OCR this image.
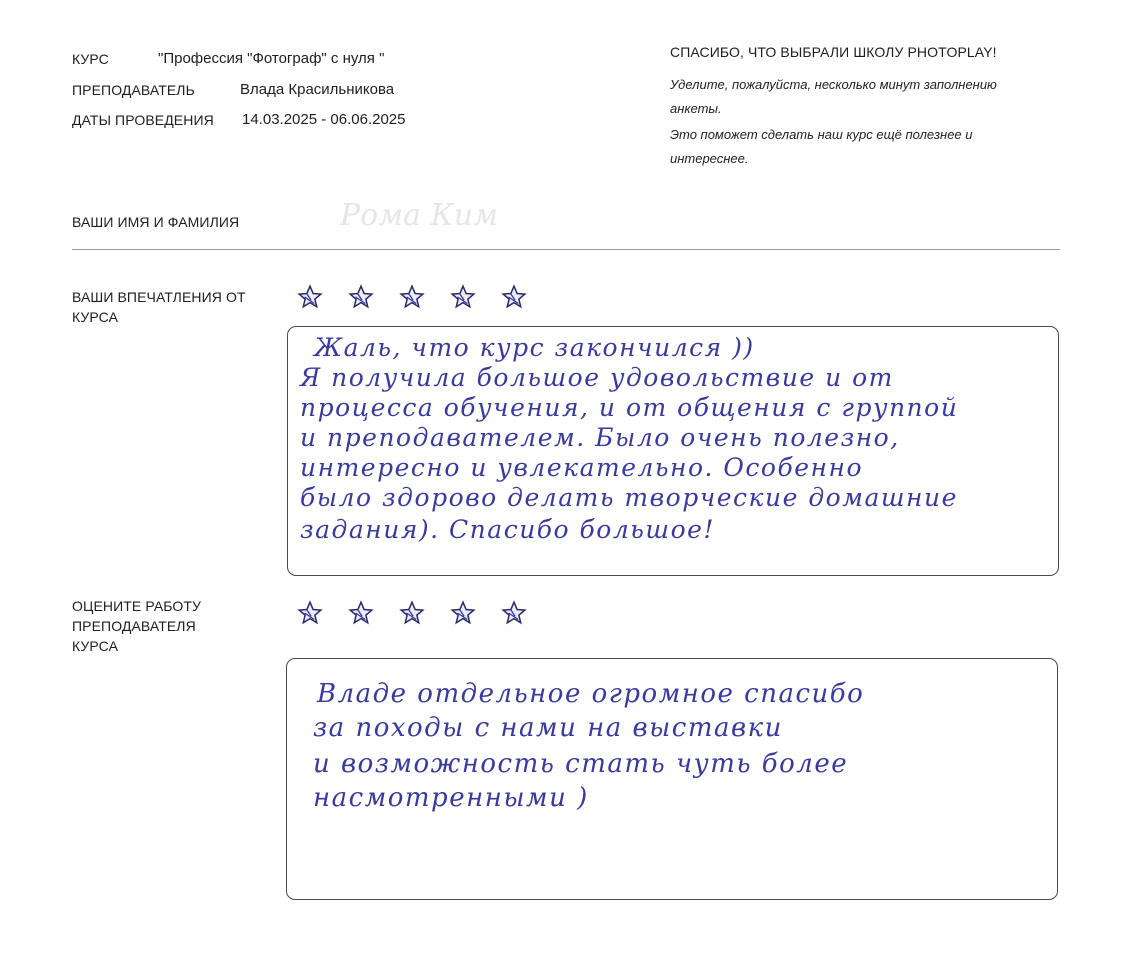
КУРС	"Профессия "Фотограф" с нуля "
ПРЕПОДАВАТЕЛЬ	Влада Красильникова
ДАТЫ ПРОВЕДЕНИЯ 14.03.2025 - 06.06.2025
СПАСИБО, ЧТО ВЫБРАЛИ ШКОЛУ PHOTOPLAY!
Уделите, пожалуйста, несколько минут заполнению
анкеты.
Это поможет сделать наш курс ещё полезнее и
интереснее.
ВАШИ ИМЯ И ФАМИЛИЯ	Рома Ким
ВАШИ ВПЕЧАТЛЕНИЯ ОТ
КУРСА

Жаль, что курс закончился ))

Я получила большое удовольствие и от

процесса обучения, и от общения с группой

и преподавателем. Было очень полезно,

интересно и увлекательно. Особенно

было здорово делать творческие домашние

задания). Спасибо большое!

ОЦЕНИТЕ РАБОТУ
ПРЕПОДАВАТЕЛЯ
КУРСА

Владе отдельное огромное спасибо

за походы с нами на выставки

и возможность стать чуть более

насмотренными )
